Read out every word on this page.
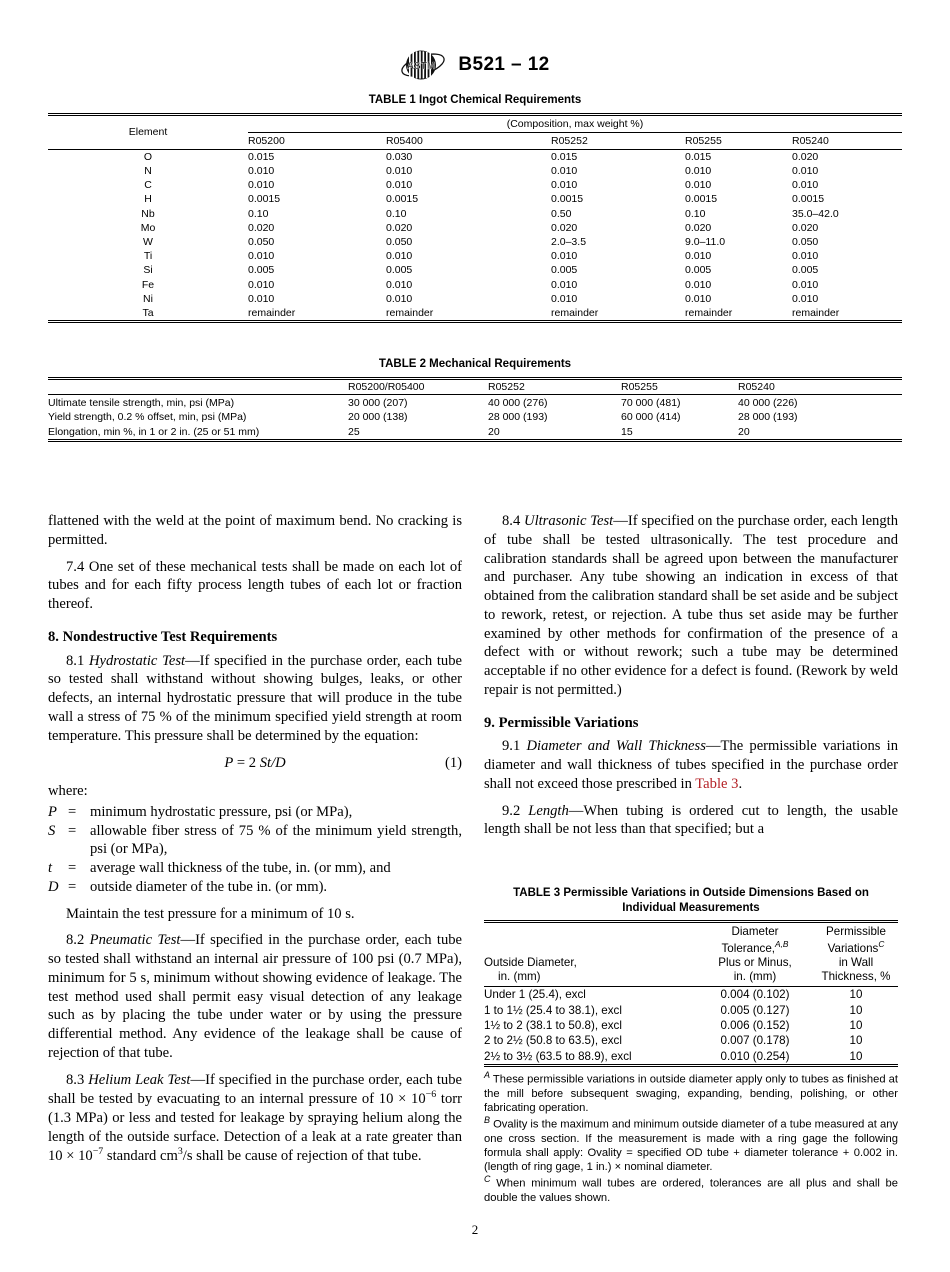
ASTM B521 – 12
TABLE 1 Ingot Chemical Requirements
Element	(Composition, max weight %)				
	R05200	R05400	R05252	R05255	R05240
O	0.015	0.030	0.015	0.015	0.020
N	0.010	0.010	0.010	0.010	0.010
C	0.010	0.010	0.010	0.010	0.010
H	0.0015	0.0015	0.0015	0.0015	0.0015
Nb	0.10	0.10	0.50	0.10	35.0–42.0
Mo	0.020	0.020	0.020	0.020	0.020
W	0.050	0.050	2.0–3.5	9.0–11.0	0.050
Ti	0.010	0.010	0.010	0.010	0.010
Si	0.005	0.005	0.005	0.005	0.005
Fe	0.010	0.010	0.010	0.010	0.010
Ni	0.010	0.010	0.010	0.010	0.010
Ta	remainder	remainder	remainder	remainder	remainder
TABLE 2 Mechanical Requirements
	R05200/R05400	R05252	R05255	R05240
Ultimate tensile strength, min, psi (MPa)	30 000 (207)	40 000 (276)	70 000 (481)	40 000 (226)
Yield strength, 0.2 % offset, min, psi (MPa)	20 000 (138)	28 000 (193)	60 000 (414)	28 000 (193)
Elongation, min %, in 1 or 2 in. (25 or 51 mm)	25	20	15	20

flattened with the weld at the point of maximum bend. No cracking is permitted.

7.4 One set of these mechanical tests shall be made on each lot of tubes and for each fifty process length tubes of each lot or fraction thereof.

8. Nondestructive Test Requirements

8.1 Hydrostatic Test—If specified in the purchase order, each tube so tested shall withstand without showing bulges, leaks, or other defects, an internal hydrostatic pressure that will produce in the tube wall a stress of 75 % of the minimum specified yield strength at room temperature. This pressure shall be determined by the equation:

P = 2 St/D	(1)

where:

P	=	minimum hydrostatic pressure, psi (or MPa),
S	=	allowable fiber stress of 75 % of the minimum yield strength, psi (or MPa),
t	=	average wall thickness of the tube, in. (or mm), and
D	=	outside diameter of the tube in. (or mm).

Maintain the test pressure for a minimum of 10 s.

8.2 Pneumatic Test—If specified in the purchase order, each tube so tested shall withstand an internal air pressure of 100 psi (0.7 MPa), minimum for 5 s, minimum without showing evidence of leakage. The test method used shall permit easy visual detection of any leakage such as by placing the tube under water or by using the pressure differential method. Any evidence of the leakage shall be cause of rejection of that tube.

8.3 Helium Leak Test—If specified in the purchase order, each tube shall be tested by evacuating to an internal pressure of $10 \times 10^{-6}$ torr (1.3 MPa) or less and tested for leakage by spraying helium along the length of the outside surface. Detection of a leak at a rate greater than $10 \times 10^{-7}$ standard $cm^3/s$ shall be cause of rejection of that tube.

8.4 Ultrasonic Test—If specified on the purchase order, each length of tube shall be tested ultrasonically. The test procedure and calibration standards shall be agreed upon between the manufacturer and purchaser. Any tube showing an indication in excess of that obtained from the calibration standard shall be set aside and be subject to rework, retest, or rejection. A tube thus set aside may be further examined by other methods for confirmation of the presence of a defect with or without rework; such a tube may be determined acceptable if no other evidence for a defect is found. (Rework by weld repair is not permitted.)

9. Permissible Variations

9.1 Diameter and Wall Thickness—The permissible variations in diameter and wall thickness of tubes specified in the purchase order shall not exceed those prescribed in Table 3.

9.2 Length—When tubing is ordered cut to length, the usable length shall be not less than that specified; but a

TABLE 3 Permissible Variations in Outside Dimensions Based on
Individual Measurements
Outside Diameter,
in. (mm)	Diameter
Tolerance,$^{A,B}$
Plus or Minus,
in. (mm)	Permissible
Variations$^C$
in Wall
Thickness, %
Under 1 (25.4), excl	0.004 (0.102)	10
1 to 1½ (25.4 to 38.1), excl	0.005 (0.127)	10
1½ to 2 (38.1 to 50.8), excl	0.006 (0.152)	10
2 to 2½ (50.8 to 63.5), excl	0.007 (0.178)	10
2½ to 3½ (63.5 to 88.9), excl	0.010 (0.254)	10

$^A$ These permissible variations in outside diameter apply only to tubes as finished at the mill before subsequent swaging, expanding, bending, polishing, or other fabricating operation.

$^B$ Ovality is the maximum and minimum outside diameter of a tube measured at any one cross section. If the measurement is made with a ring gage the following formula shall apply: Ovality = specified OD tube + diameter tolerance + 0.002 in. (length of ring gage, 1 in.) × nominal diameter.

$^C$ When minimum wall tubes are ordered, tolerances are all plus and shall be double the values shown.

2
